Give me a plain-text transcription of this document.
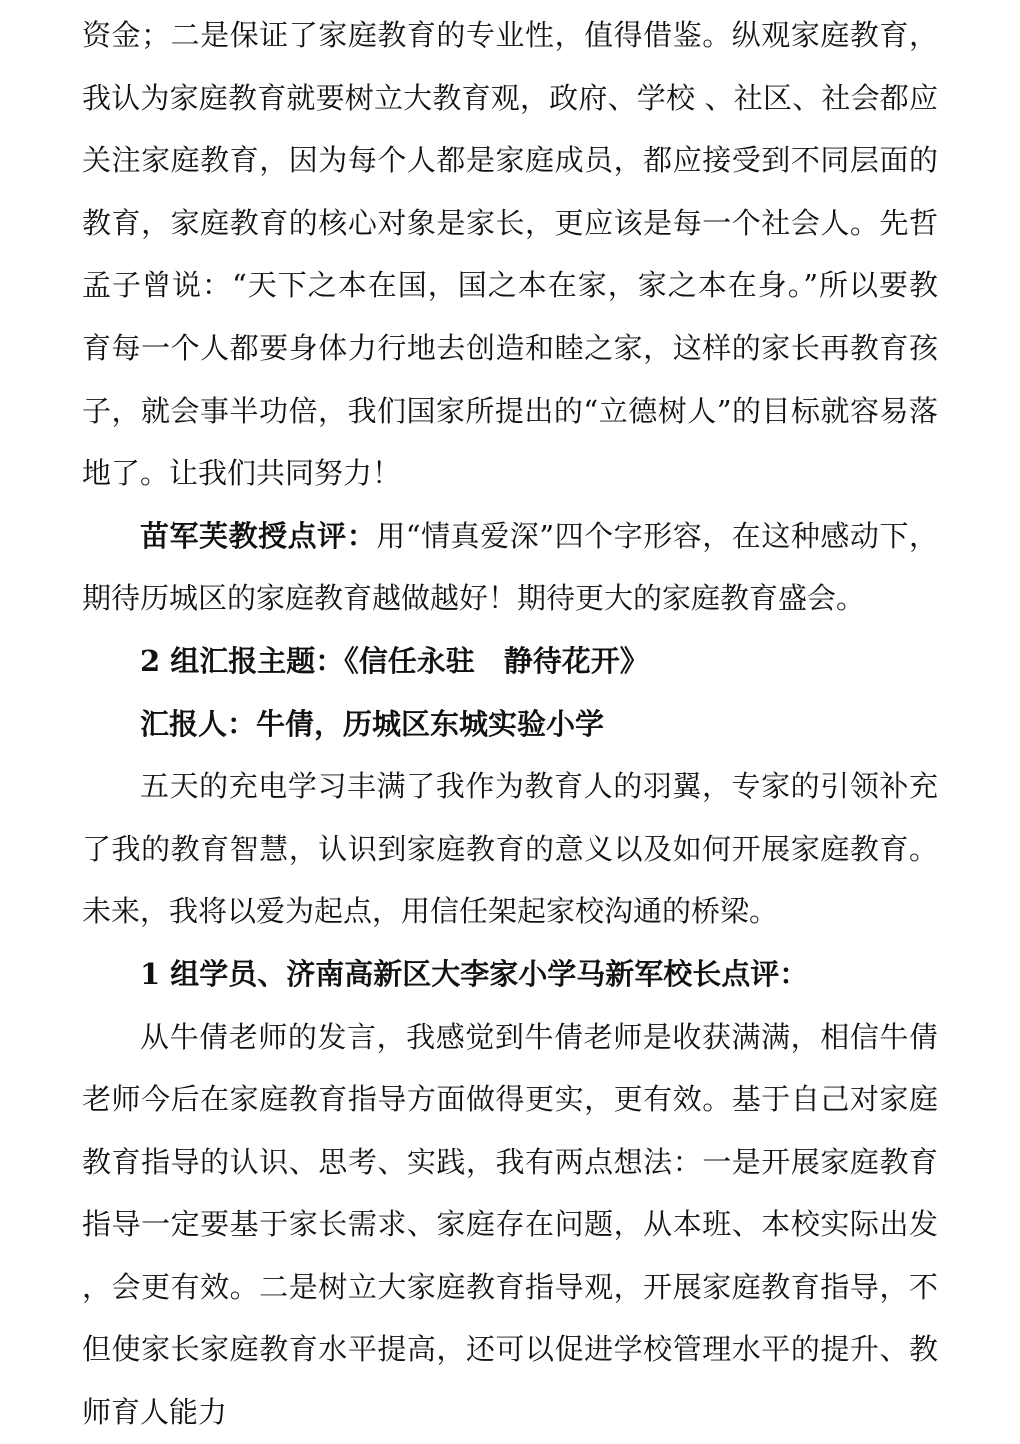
资金；二是保证了家庭教育的专业性，值得借鉴。纵观家庭教育，我认为家庭教育就要树立大教育观，政府、学校 、社区、社会都应关注家庭教育，因为每个人都是家庭成员，都应接受到不同层面的教育，家庭教育的核心对象是家长，更应该是每一个社会人。先哲孟子曾说：“天下之本在国，国之本在家，家之本在身。”所以要教育每一个人都要身体力行地去创造和睦之家，这样的家长再教育孩子，就会事半功倍，我们国家所提出的“立德树人”的目标就容易落地了。让我们共同努力！

苗军芙教授点评：用“情真爱深”四个字形容，在这种感动下，期待历城区的家庭教育越做越好！期待更大的家庭教育盛会。

2 组汇报主题：《信任永驻　静待花开》

汇报人：牛倩，历城区东城实验小学

五天的充电学习丰满了我作为教育人的羽翼，专家的引领补充了我的教育智慧，认识到家庭教育的意义以及如何开展家庭教育。未来，我将以爱为起点，用信任架起家校沟通的桥梁。

1 组学员、济南高新区大李家小学马新军校长点评：

从牛倩老师的发言，我感觉到牛倩老师是收获满满，相信牛倩老师今后在家庭教育指导方面做得更实，更有效。基于自己对家庭教育指导的认识、思考、实践，我有两点想法：一是开展家庭教育指导一定要基于家长需求、家庭存在问题，从本班、本校实际出发，会更有效。二是树立大家庭教育指导观，开展家庭教育指导，不但使家长家庭教育水平提高，还可以促进学校管理水平的提升、教师育人能力
